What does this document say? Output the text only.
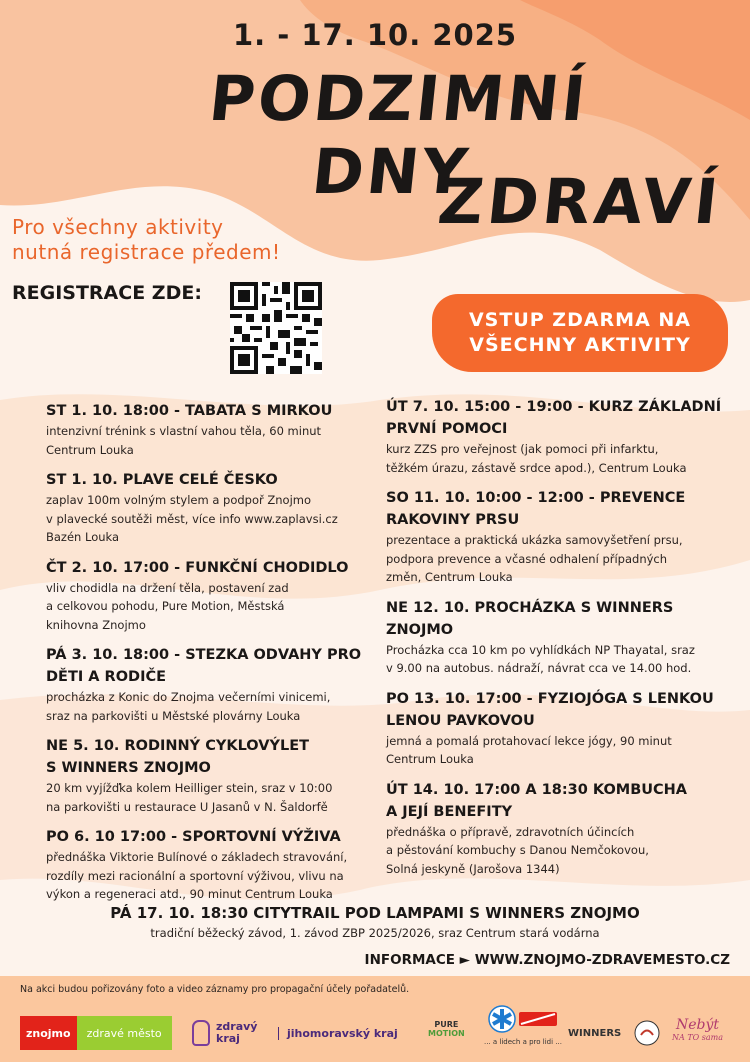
1. - 17. 10. 2025
PODZIMNÍ DNY
ZDRAVÍ
Pro všechny aktivity
nutná registrace předem!
REGISTRACE ZDE:
VSTUP ZDARMA NA
VŠECHNY AKTIVITY
ST 1. 10. 18:00 - TABATA S MIRKOU
intenzivní trénink s vlastní vahou těla, 60 minut
Centrum Louka
ST 1. 10. PLAVE CELÉ ČESKO
zaplav 100m volným stylem a podpoř Znojmo
v plavecké soutěži měst, více info www.zaplavsi.cz
Bazén Louka
ČT 2. 10. 17:00 - FUNKČNÍ CHODIDLO
vliv chodidla na držení těla, postavení zad
a celkovou pohodu, Pure Motion, Městská
knihovna Znojmo
PÁ 3. 10. 18:00 - STEZKA ODVAHY PRO
DĚTI A RODIČE
procházka z Konic do Znojma večerními vinicemi,
sraz na parkovišti u Městské plovárny Louka
NE 5. 10. RODINNÝ CYKLOVÝLET
S WINNERS ZNOJMO
20 km vyjížďka kolem Heilliger stein, sraz v 10:00
na parkovišti u restaurace U Jasanů v N. Šaldorfě
PO 6. 10 17:00 - SPORTOVNÍ VÝŽIVA
přednáška Viktorie Bulínové o základech stravování,
rozdíly mezi racionální a sportovní výživou, vlivu na
výkon a regeneraci atd., 90 minut Centrum Louka
ÚT 7. 10. 15:00 - 19:00 - KURZ ZÁKLADNÍ
PRVNÍ POMOCI
kurz ZZS pro veřejnost (jak pomoci při infarktu,
těžkém úrazu, zástavě srdce apod.), Centrum Louka
SO 11. 10. 10:00 - 12:00 - PREVENCE
RAKOVINY PRSU
prezentace a praktická ukázka samovyšetření prsu,
podpora prevence a včasné odhalení případných
změn, Centrum Louka
NE 12. 10. PROCHÁZKA S WINNERS
ZNOJMO
Procházka cca 10 km po vyhlídkách NP Thayatal, sraz
v 9.00 na autobus. nádraží, návrat cca ve 14.00 hod.
PO 13. 10. 17:00 - FYZIOJÓGA S LENKOU
LENOU PAVKOVOU
jemná a pomalá protahovací lekce jógy, 90 minut
Centrum Louka
ÚT 14. 10. 17:00 A 18:30 KOMBUCHA
A JEJÍ BENEFITY
přednáška o přípravě, zdravotních účincích
a pěstování kombuchy s Danou Nemčokovou,
Solná jeskyně (Jarošova 1344)
PÁ 17. 10. 18:30 CITYTRAIL POD LAMPAMI S WINNERS ZNOJMO
tradiční běžecký závod, 1. závod ZBP 2025/2026, sraz Centrum stará vodárna
INFORMACE ► WWW.ZNOJMO-ZDRAVEMESTO.CZ
Na akci budou pořizovány foto a video záznamy pro propagační účely pořadatelů.
znojmo	zdravé město	zdravý
kraj	jihomoravský kraj
PURE
MOTION
... a lidech a pro lidi ...
WINNERS
Nebýt
NA TO sama
